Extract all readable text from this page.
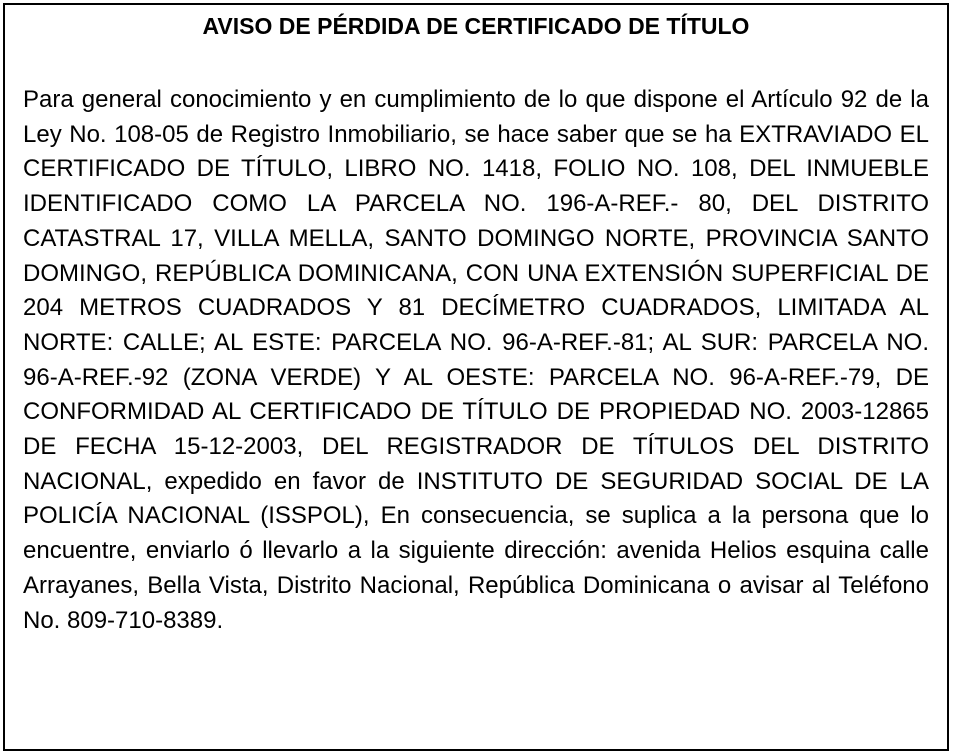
AVISO DE PÉRDIDA DE CERTIFICADO DE TÍTULO

Para general conocimiento y en cumplimiento de lo que dispone el Artículo 92 de la Ley No. 108-05 de Registro Inmobiliario, se hace saber que se ha EXTRAVIADO EL CERTIFICADO DE TÍTULO, LIBRO NO. 1418, FOLIO NO. 108, DEL INMUEBLE IDENTIFICADO COMO LA PARCELA NO. 196-A-REF.- 80, DEL DISTRITO CATASTRAL 17, VILLA MELLA, SANTO DOMINGO NORTE, PROVINCIA SANTO DOMINGO, REPÚBLICA DOMINICANA, CON UNA EXTENSIÓN SUPERFICIAL DE 204 METROS CUADRADOS Y 81 DECÍMETRO CUADRADOS, LIMITADA AL NORTE: CALLE; AL ESTE: PARCELA NO. 96-A-REF.-81; AL SUR: PARCELA NO. 96-A-REF.-92 (ZONA VERDE) Y AL OESTE: PARCELA NO. 96-A-REF.-79, DE CONFORMIDAD AL CERTIFICADO DE TÍTULO DE PROPIEDAD NO. 2003-12865 DE FECHA 15-12-2003, DEL REGISTRADOR DE TÍTULOS DEL DISTRITO NACIONAL, expedido en favor de INSTITUTO DE SEGURIDAD SOCIAL DE LA POLICÍA NACIONAL (ISSPOL), En consecuencia, se suplica a la persona que lo encuentre, enviarlo ó llevarlo a la siguiente dirección: avenida Helios esquina calle Arrayanes, Bella Vista, Distrito Nacional, República Dominicana o avisar al Teléfono No. 809-710-8389.
